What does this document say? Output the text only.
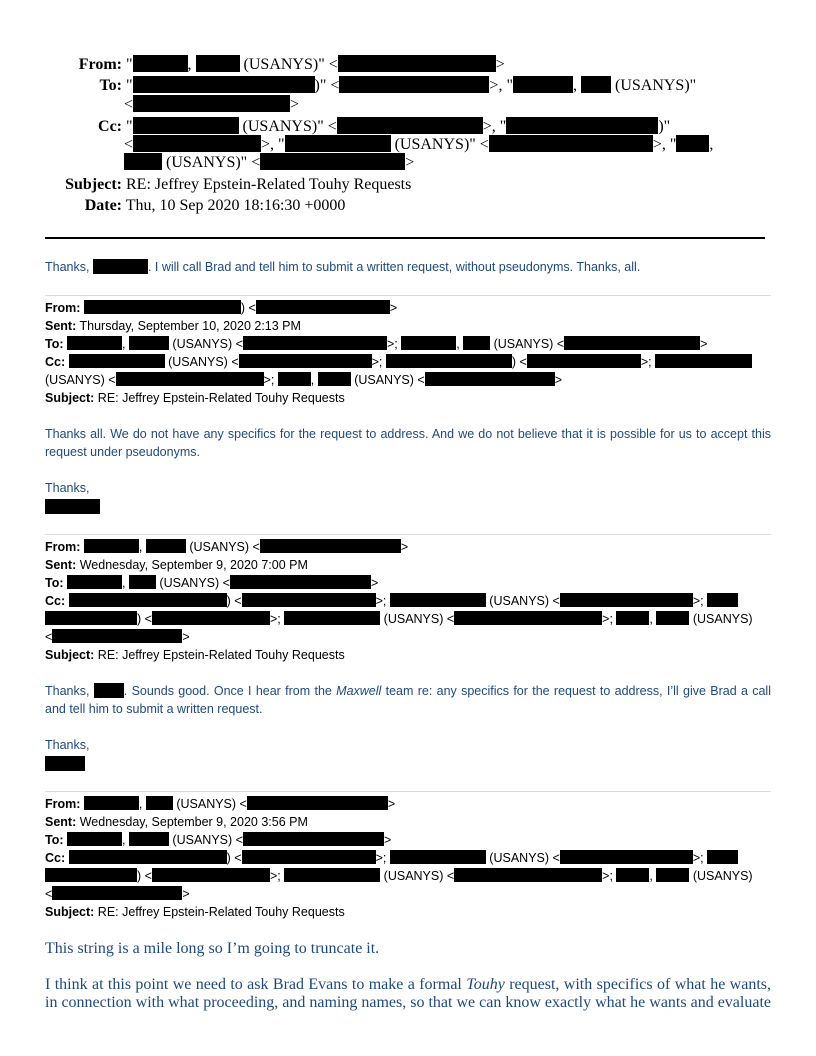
From: "	,	(USANYS)" <	>
To: "	)" <	>, "	,  (USANYS)"
<	>
Cc: "	(USANYS)" <	>, "	)"
<	>, "	(USANYS)" <	>, " ,
(USANYS)" <	>
Subject: RE: Jeffrey Epstein-Related Touhy Requests
Date: Thu, 10 Sep 2020 18:16:30 +0000
Thanks,	. I will call Brad and tell him to submit a written request, without pseudonyms. Thanks, all.
From:	) <	>
Sent: Thursday, September 10, 2020 2:13 PM
To:	,	(USANYS) <	>;	,  (USANYS) <	>
Cc:	(USANYS) <	>;	) <	>;
(USANYS) <	>;	,	(USANYS) <	>
Subject: RE: Jeffrey Epstein-Related Touhy Requests
Thanks all. We do not have any specifics for the request to address. And we do not believe that it is possible for us to accept this request under pseudonyms.
Thanks,
From:	,	(USANYS) <	>
Sent: Wednesday, September 9, 2020 7:00 PM
To:	,  (USANYS) <	>
Cc:	) <	>;	(USANYS) <	>;
) <	>;	(USANYS) <	>;	,	(USANYS)
<	>
Subject: RE: Jeffrey Epstein-Related Touhy Requests
Thanks, . Sounds good. Once I hear from the Maxwell team re: any specifics for the request to address, I’ll give Brad a call and tell him to submit a written request.
Thanks,
From:	,  (USANYS) <	>
Sent: Wednesday, September 9, 2020 3:56 PM
To:	,	(USANYS) <	>
Cc:	) <	>;	(USANYS) <	>;
) <	>;	(USANYS) <	>;	,	(USANYS)
<	>
Subject: RE: Jeffrey Epstein-Related Touhy Requests
This string is a mile long so I’m going to truncate it.
I think at this point we need to ask Brad Evans to make a formal Touhy request, with specifics of what he wants, in connection with what proceeding, and naming names, so that we can know exactly what he wants and evaluate
